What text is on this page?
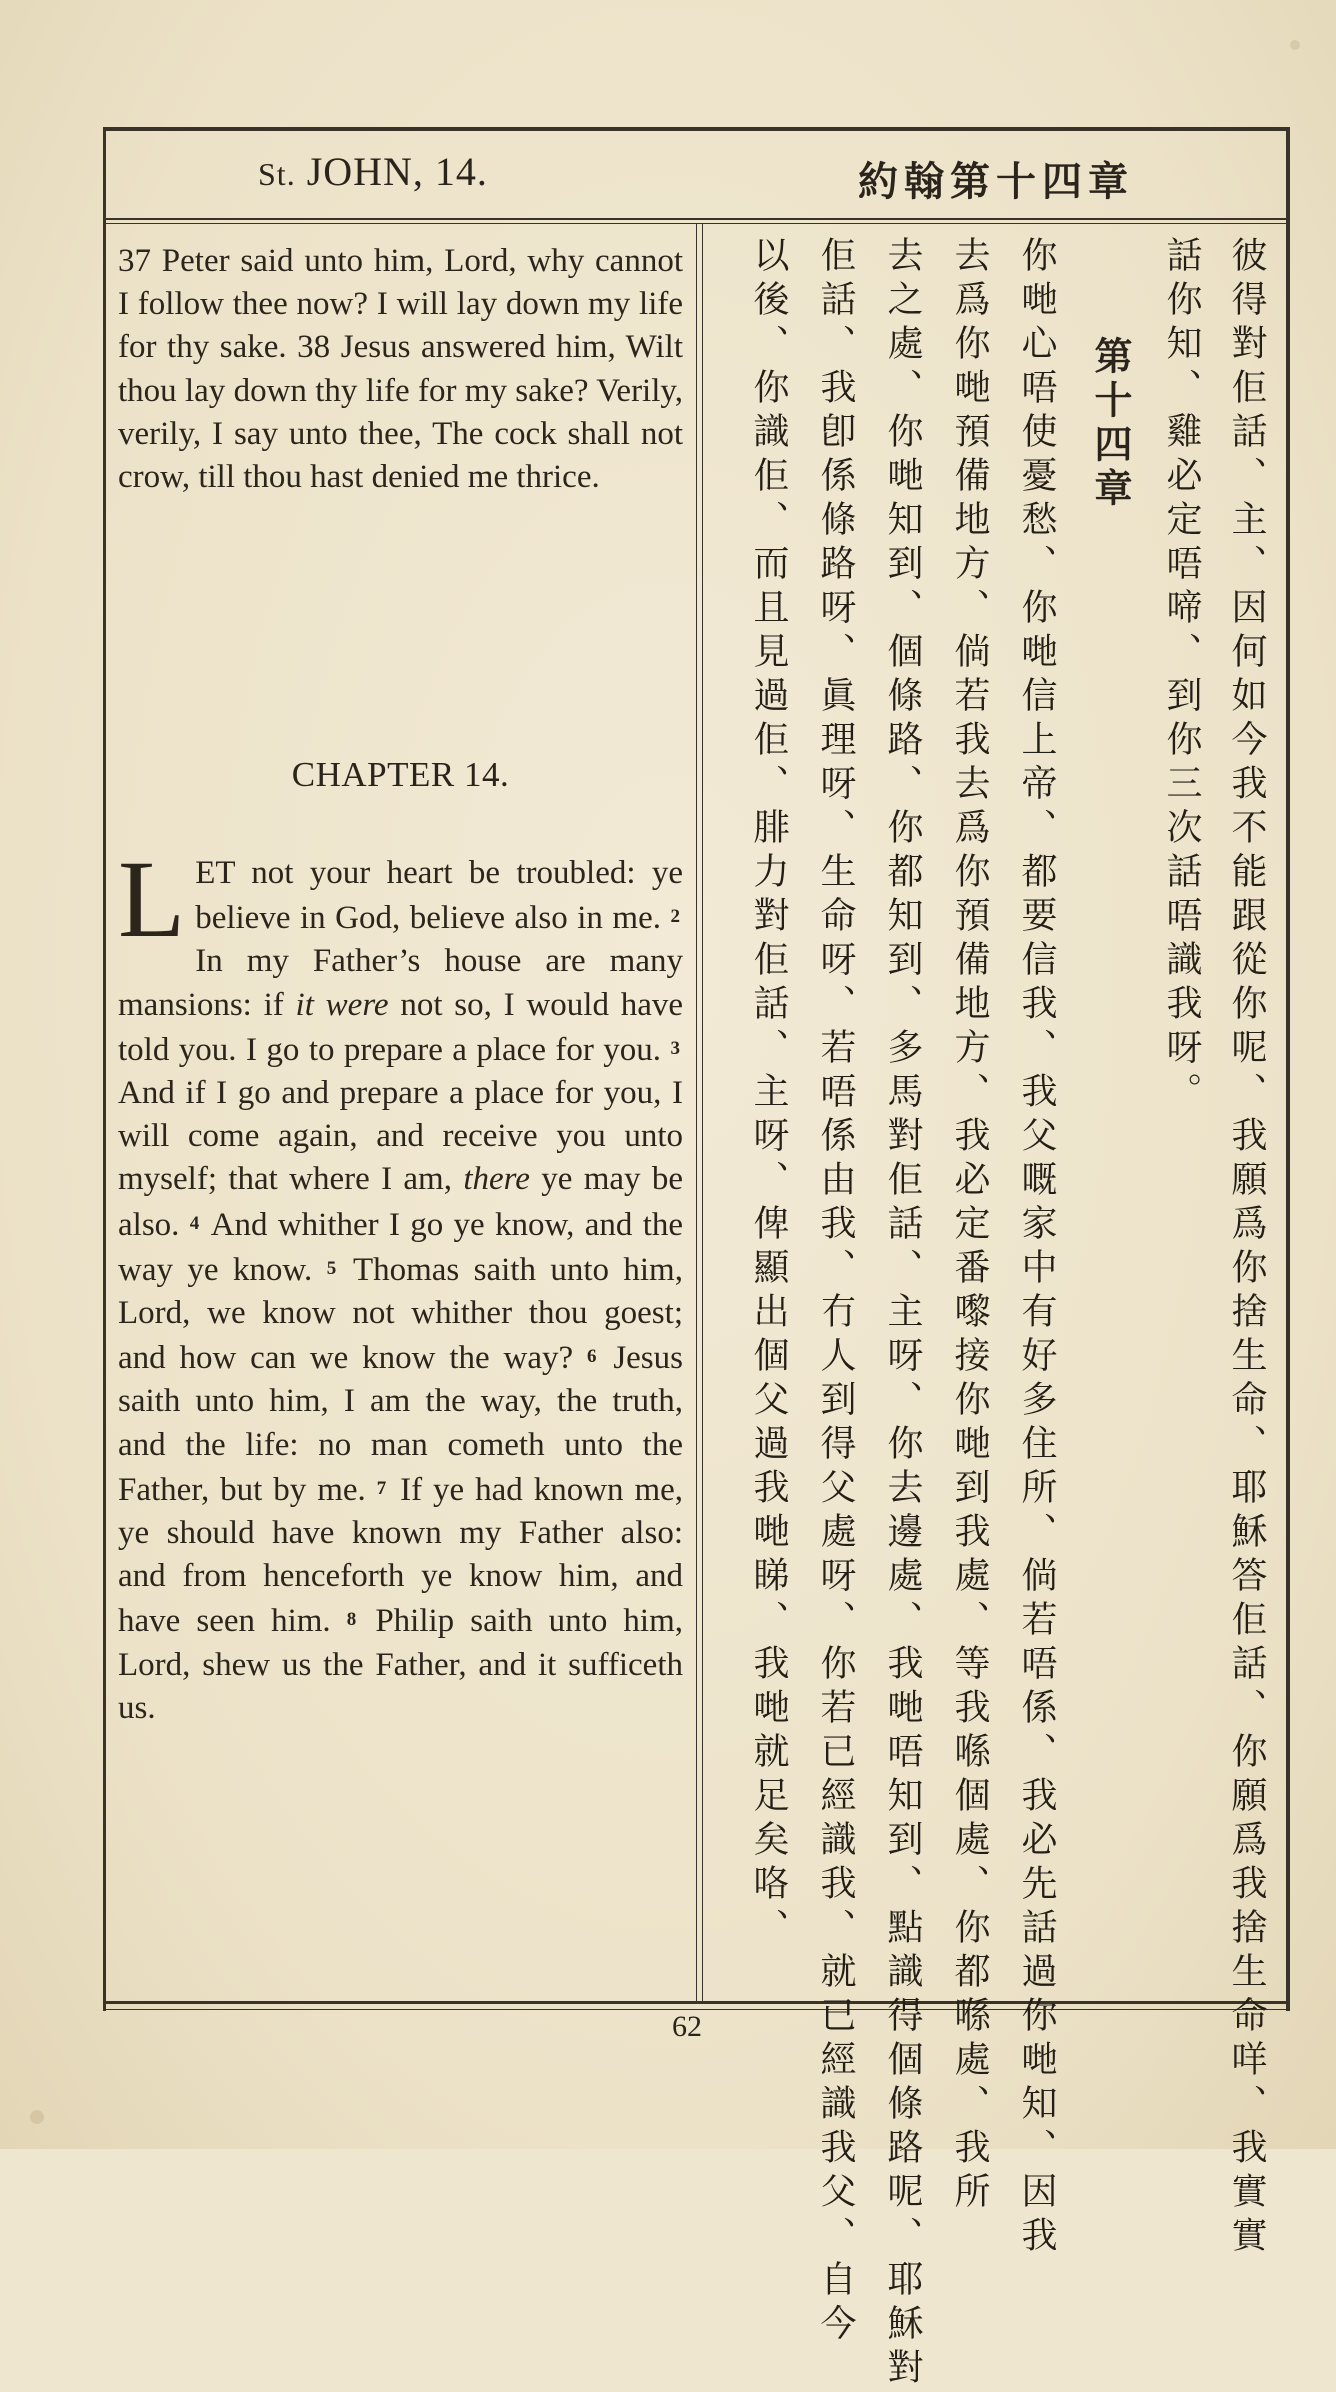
St. JOHN, 14.	約翰第十四章

37 Peter said unto him, Lord, why cannot I follow thee now? I will lay down my life for thy sake. 38 Jesus answered him, Wilt thou lay down thy life for my sake? Verily, verily, I say unto thee, The cock shall not crow, till thou hast denied me thrice.

CHAPTER 14.

LET not your heart be troubled: ye believe in God, believe also in me. 2 In my Father’s house are many mansions: if it were not so, I would have told you. I go to prepare a place for you. 3 And if I go and prepare a place for you, I will come again, and receive you unto myself; that where I am, there ye may be also. 4 And whither I go ye know, and the way ye know. 5 Thomas saith unto him, Lord, we know not whither thou goest; and how can we know the way? 6 Jesus saith unto him, I am the way, the truth, and the life: no man cometh unto the Father, but by me. 7 If ye had known me, ye should have known my Father also: and from henceforth ye know him, and have seen him. 8 Philip saith unto him, Lord, shew us the Father, and it sufficeth us.	彼得對佢話、主、因何如今我不能跟從你呢、我願爲你捨生命、耶穌答佢話、你願爲我捨生命咩、我實實
話你知、雞必定唔啼、到你三次話唔識我呀。
第十四章
你哋心唔使憂愁、你哋信上帝、都要信我、我父嘅家中有好多住所、倘若唔係、我必先話過你哋知、因我
去爲你哋預備地方、倘若我去爲你預備地方、我必定番嚟接你哋到我處、等我喺個處、你都喺處、我所
去之處、你哋知到、個條路、你都知到、多馬對佢話、主呀、你去邊處、我哋唔知到、點識得個條路呢、耶穌對
佢話、我卽係條路呀、眞理呀、生命呀、若唔係由我、冇人到得父處呀、你若已經識我、就已經識我父、自今
以後、你識佢、而且見過佢、腓力對佢話、主呀、俾顯出個父過我哋睇、我哋就足矣咯、
62
